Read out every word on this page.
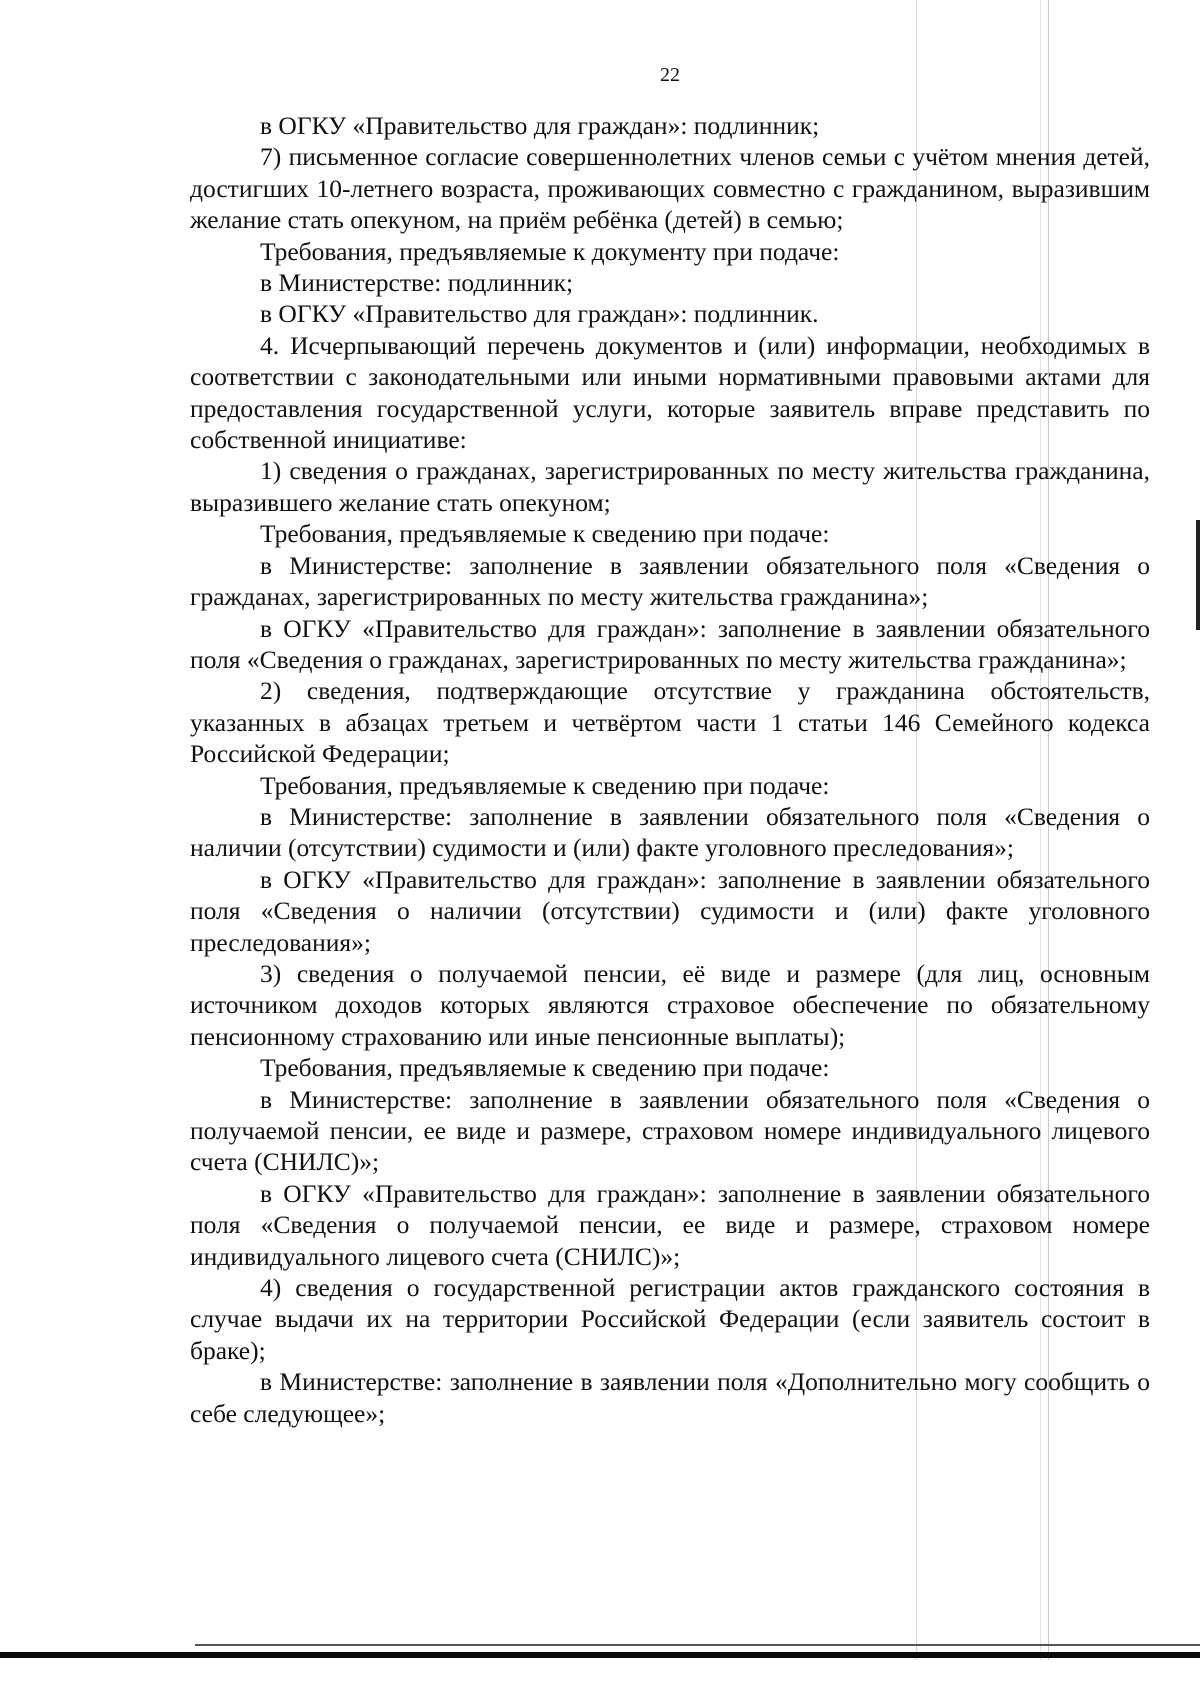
22

в ОГКУ «Правительство для граждан»: подлинник;

7) письменное согласие совершеннолетних членов семьи с учётом мнения детей, достигших 10-летнего возраста, проживающих совместно с гражданином, выразившим желание стать опекуном, на приём ребёнка (детей) в семью;

Требования, предъявляемые к документу при подаче:

в Министерстве: подлинник;

в ОГКУ «Правительство для граждан»: подлинник.

4. Исчерпывающий перечень документов и (или) информации, необходимых в соответствии с законодательными или иными нормативными правовыми актами для предоставления государственной услуги, которые заявитель вправе представить по собственной инициативе:

1) сведения о гражданах, зарегистрированных по месту жительства гражданина, выразившего желание стать опекуном;

Требования, предъявляемые к сведению при подаче:

в Министерстве: заполнение в заявлении обязательного поля «Сведения о гражданах, зарегистрированных по месту жительства гражданина»;

в ОГКУ «Правительство для граждан»: заполнение в заявлении обязательного поля «Сведения о гражданах, зарегистрированных по месту жительства гражданина»;

2) сведения, подтверждающие отсутствие у гражданина обстоятельств, указанных в абзацах третьем и четвёртом части 1 статьи 146 Семейного кодекса Российской Федерации;

Требования, предъявляемые к сведению при подаче:

в Министерстве: заполнение в заявлении обязательного поля «Сведения о наличии (отсутствии) судимости и (или) факте уголовного преследования»;

в ОГКУ «Правительство для граждан»: заполнение в заявлении обязательного поля «Сведения о наличии (отсутствии) судимости и (или) факте уголовного преследования»;

3) сведения о получаемой пенсии, её виде и размере (для лиц, основным источником доходов которых являются страховое обеспечение по обязательному пенсионному страхованию или иные пенсионные выплаты);

Требования, предъявляемые к сведению при подаче:

в Министерстве: заполнение в заявлении обязательного поля «Сведения о получаемой пенсии, ее виде и размере, страховом номере индивидуального лицевого счета (СНИЛС)»;

в ОГКУ «Правительство для граждан»: заполнение в заявлении обязательного поля «Сведения о получаемой пенсии, ее виде и размере, страховом номере индивидуального лицевого счета (СНИЛС)»;

4) сведения о государственной регистрации актов гражданского состояния в случае выдачи их на территории Российской Федерации (если заявитель состоит в браке);

в Министерстве: заполнение в заявлении поля «Дополнительно могу сообщить о себе следующее»;
